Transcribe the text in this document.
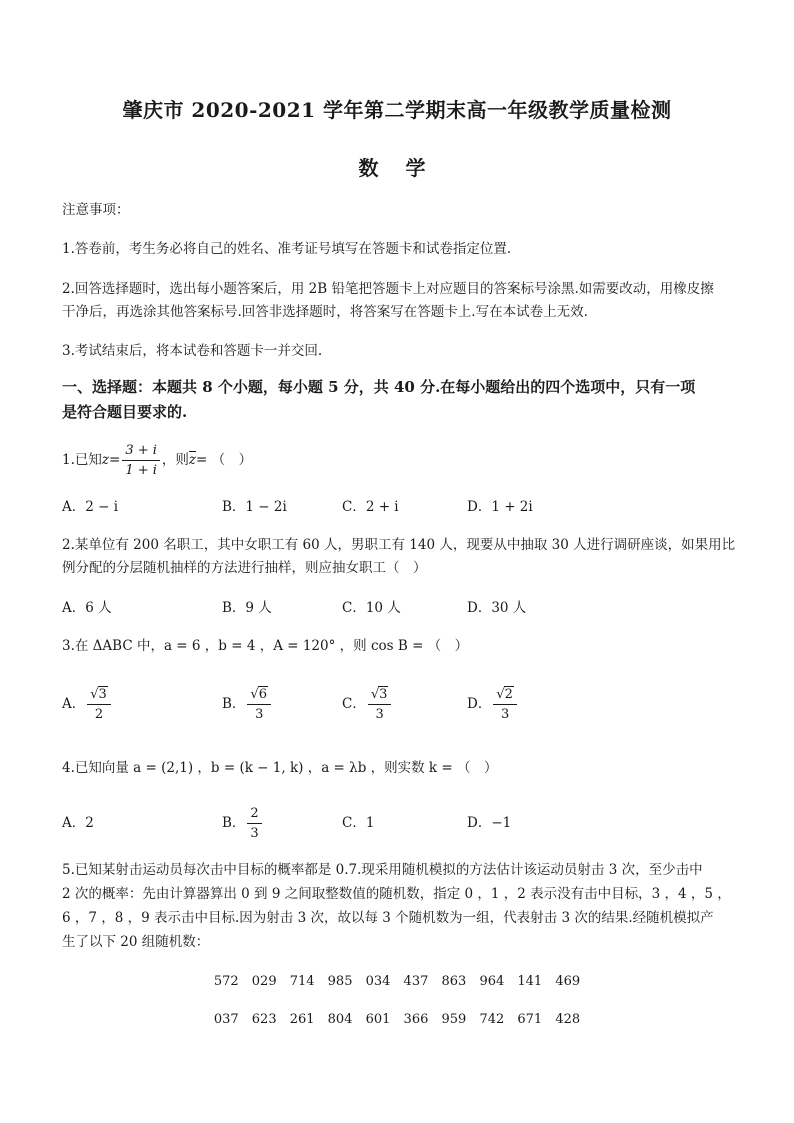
肇庆市 2020-2021 学年第二学期末高一年级教学质量检测
数 学
注意事项：
1.答卷前，考生务必将自己的姓名、准考证号填写在答题卡和试卷指定位置.
2.回答选择题时，选出每小题答案后，用 2B 铅笔把答题卡上对应题目的答案标号涂黑.如需要改动，用橡皮擦
干净后，再选涂其他答案标号.回答非选择题时，将答案写在答题卡上.写在本试卷上无效.
3.考试结束后，将本试卷和答题卡一并交回.
一、选择题：本题共 8 个小题，每小题 5 分，共 40 分.在每小题给出的四个选项中，只有一项
是符合题目要求的.
1.已知 $z = \frac{3 + i}{1 + i}$ ，则 $\overline{z}$ = （　）
A．2 − i	B．1 − 2i	C．2 + i	D．1 + 2i
2.某单位有 200 名职工，其中女职工有 60 人，男职工有 140 人，现要从中抽取 30 人进行调研座谈，如果用比
例分配的分层随机抽样的方法进行抽样，则应抽女职工（　）
A．6 人	B．9 人	C．10 人	D．30 人
3.在 ΔABC 中，a = 6 ，b = 4 ，A = 120° ，则 cos B = （　）
A． $\frac{√3}{2}$	B． $\frac{√6}{3}$	C． $\frac{√3}{3}$	D． $\frac{√2}{3}$
4.已知向量 a = (2,1) ，b = (k − 1, k) ，a = λb ，则实数 k = （　）
A．2	B． $\frac{2}{3}$	C．1	D．−1
5.已知某射击运动员每次击中目标的概率都是 0.7.现采用随机模拟的方法估计该运动员射击 3 次，至少击中
2 次的概率：先由计算器算出 0 到 9 之间取整数值的随机数，指定 0 ，1 ，2 表示没有击中目标，3 ，4 ，5 ，
6 ，7 ，8 ，9 表示击中目标.因为射击 3 次，故以每 3 个随机数为一组，代表射击 3 次的结果.经随机模拟产
生了以下 20 组随机数：
572 029 714 985 034 437 863 964 141 469
037 623 261 804 601 366 959 742 671 428
